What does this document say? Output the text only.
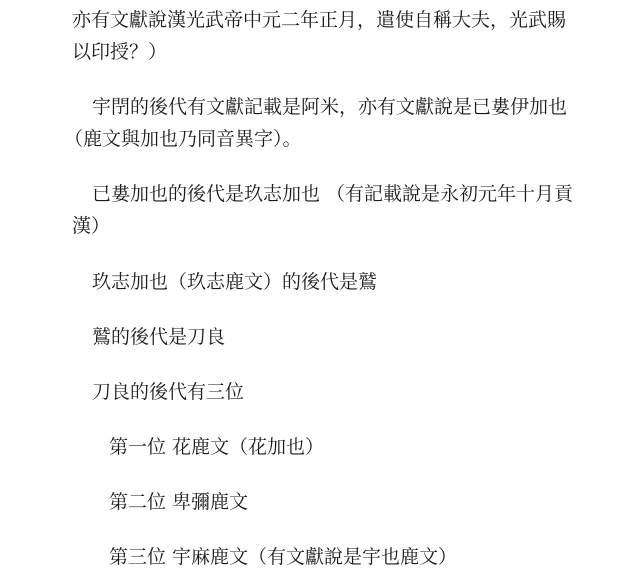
亦有文獻說漢光武帝中元二年正月，遣使自稱大夫，光武賜
以印授？）
宇閅的後代有文獻記載是阿米，亦有文獻說是已婁伊加也
（鹿文與加也乃同音異字）。
已婁加也的後代是玖志加也 （有記載說是永初元年十月貢
漢）
玖志加也（玖志鹿文）的後代是鷲
鷲的後代是刀良
刀良的後代有三位
第一位 花鹿文（花加也）
第二位 卑彌鹿文
第三位 宇麻鹿文（有文獻說是宇也鹿文）
